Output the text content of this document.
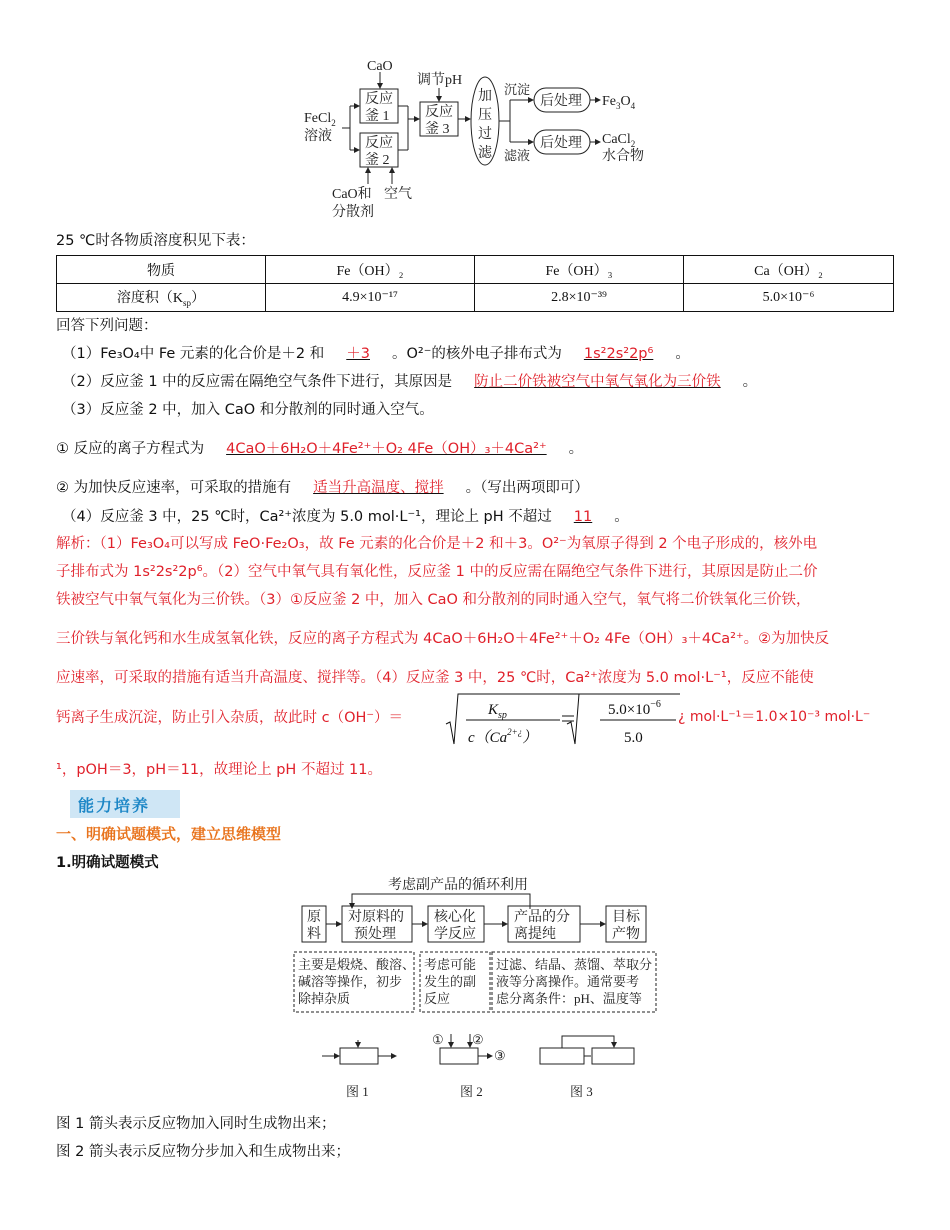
CaO
调节pH
FeCl$_2$
溶液
反应
釜 1
反应
釜 2
反应
釜 3
加
压
过
滤
沉淀
滤液
后处理
后处理
$Fe_3O_4$
CaCl$_2$
水合物
CaO和
分散剂
空气
25 ℃时各物质溶度积见下表：
物质	Fe（OH）₂	Fe（OH）₃	Ca（OH）₂
溶度积$(K_{sp})$	4.9×10⁻¹⁷	2.8×10⁻³⁹	5.0×10⁻⁶
回答下列问题：
（1）Fe₃O₄中 Fe 元素的化合价是＋2 和 ＋3 。O²⁻的核外电子排布式为 1s²2s²2p⁶ 。
（2）反应釜 1 中的反应需在隔绝空气条件下进行，其原因是 防止二价铁被空气中氧气氧化为三价铁 。
（3）反应釜 2 中，加入 CaO 和分散剂的同时通入空气。
① 反应的离子方程式为 4CaO＋6H₂O＋4Fe²⁺＋O₂ 4Fe（OH）₃＋4Ca²⁺ 。
② 为加快反应速率，可采取的措施有 适当升高温度、搅拌 。（写出两项即可）
（4）反应釜 3 中，25 ℃时，Ca²⁺浓度为 5.0 mol·L⁻¹，理论上 pH 不超过 11 。
解析：（1）Fe₃O₄可以写成 FeO·Fe₂O₃，故 Fe 元素的化合价是＋2 和＋3。O²⁻为氧原子得到 2 个电子形成的，核外电
子排布式为 1s²2s²2p⁶。（2）空气中氧气具有氧化性，反应釜 1 中的反应需在隔绝空气条件下进行，其原因是防止二价
铁被空气中氧气氧化为三价铁。（3）①反应釜 2 中，加入 CaO 和分散剂的同时通入空气，氧气将二价铁氧化三价铁，
三价铁与氧化钙和水生成氢氧化铁，反应的离子方程式为 4CaO＋6H₂O＋4Fe²⁺＋O₂ 4Fe（OH）₃＋4Ca²⁺。②为加快反
应速率，可采取的措施有适当升高温度、搅拌等。（4）反应釜 3 中，25 ℃时，Ca²⁺浓度为 5.0 mol·L⁻¹，反应不能使
钙离子生成沉淀，防止引入杂质，故此时 c（OH⁻）＝	$K_{sp}$
$c(Ca^{2+¿})$
$5.0\times 10^{-6}$
5.0
¿ mol·L⁻¹＝1.0×10⁻³ mol·L⁻
¹，pOH＝3，pH＝11，故理论上 pH 不超过 11。
能力培养
一、明确试题模式，建立思维模型
1.明确试题模式
考虑副产品的循环利用
原
料
对原料的
预处理
核心化
学反应
产品的分
离提纯
目标
产物
主要是煅烧、酸溶、
碱溶等操作，初步
除掉杂质
考虑可能
发生的副
反应
过滤、结晶、蒸馏、萃取分
液等分离操作。通常要考
虑分离条件：pH、温度等
① ②
③
图 1	图 2	图 3
图 1 箭头表示反应物加入同时生成物出来；
图 2 箭头表示反应物分步加入和生成物出来；
